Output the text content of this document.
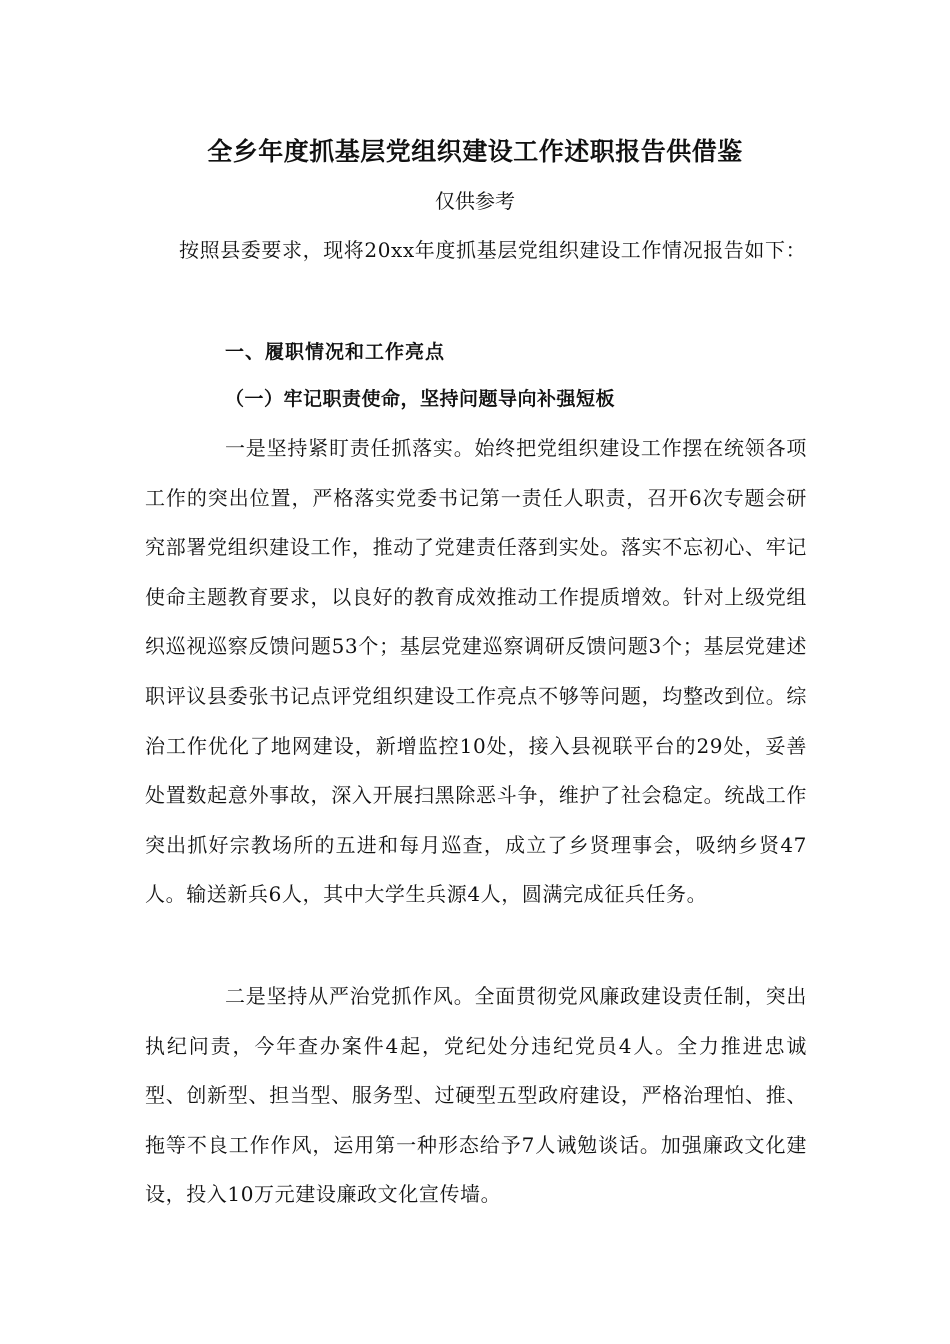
全乡年度抓基层党组织建设工作述职报告供借鉴

仅供参考

按照县委要求，现将20xx年度抓基层党组织建设工作情况报告如下：

一、履职情况和工作亮点
（一）牢记职责使命，坚持问题导向补强短板

一是坚持紧盯责任抓落实。始终把党组织建设工作摆在统领各项工作的突出位置，严格落实党委书记第一责任人职责，召开6次专题会研究部署党组织建设工作，推动了党建责任落到实处。落实不忘初心、牢记使命主题教育要求，以良好的教育成效推动工作提质增效。针对上级党组织巡视巡察反馈问题53个；基层党建巡察调研反馈问题3个；基层党建述职评议县委张书记点评党组织建设工作亮点不够等问题，均整改到位。综治工作优化了地网建设，新增监控10处，接入县视联平台的29处，妥善处置数起意外事故，深入开展扫黑除恶斗争，维护了社会稳定。统战工作突出抓好宗教场所的五进和每月巡查，成立了乡贤理事会，吸纳乡贤47人。输送新兵6人，其中大学生兵源4人，圆满完成征兵任务。

二是坚持从严治党抓作风。全面贯彻党风廉政建设责任制，突出执纪问责，今年查办案件4起，党纪处分违纪党员4人。全力推进忠诚型、创新型、担当型、服务型、过硬型五型政府建设，严格治理怕、推、拖等不良工作作风，运用第一种形态给予7人诫勉谈话。加强廉政文化建设，投入10万元建设廉政文化宣传墙。
